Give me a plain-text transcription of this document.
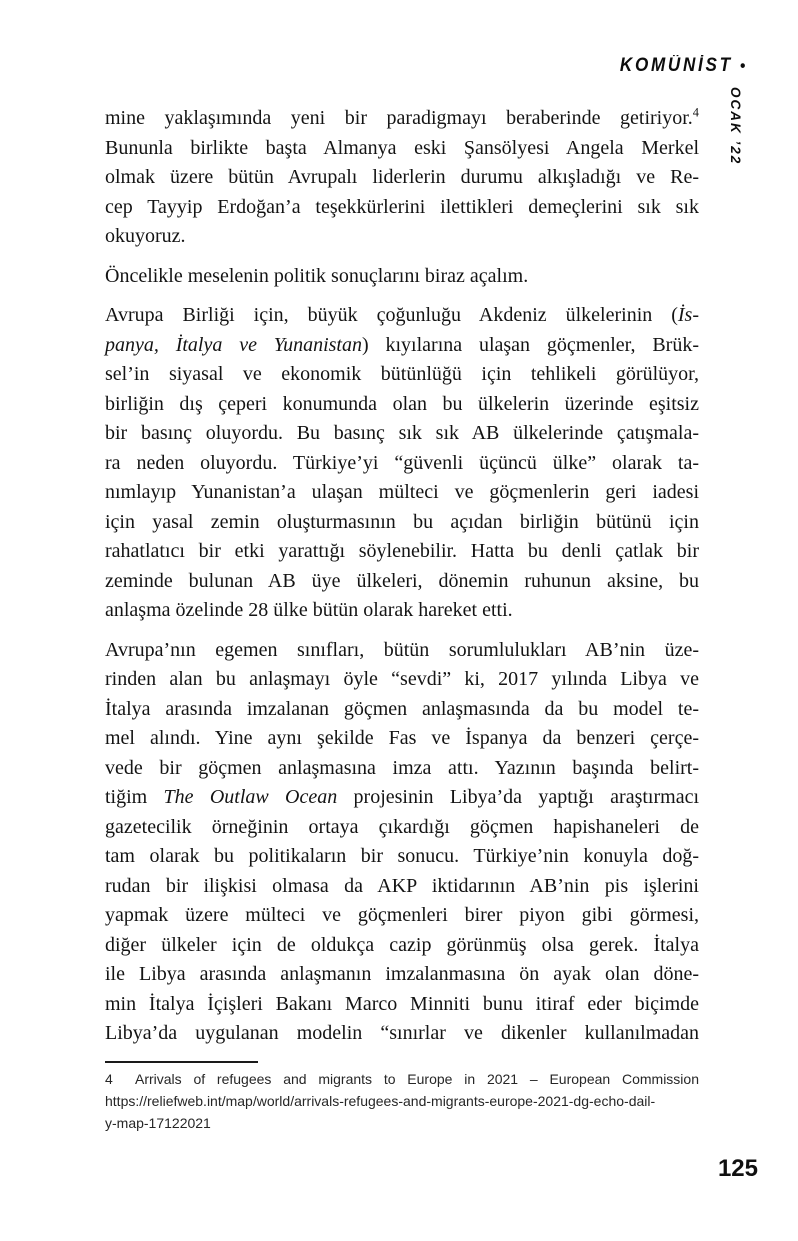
KOMÜNİST •
OCAK ’22
mine yaklaşımında yeni bir paradigmayı beraberinde getiriyor.$^4$
Bununla birlikte başta Almanya eski Şansölyesi Angela Merkel
olmak üzere bütün Avrupalı liderlerin durumu alkışladığı ve Re-
cep Tayyip Erdoğan’a teşekkürlerini ilettikleri demeçlerini sık sık
okuyoruz.
Öncelikle meselenin politik sonuçlarını biraz açalım.
Avrupa Birliği için, büyük çoğunluğu Akdeniz ülkelerinin (İs-
panya, İtalya ve Yunanistan) kıyılarına ulaşan göçmenler, Brük-
sel’in siyasal ve ekonomik bütünlüğü için tehlikeli görülüyor,
birliğin dış çeperi konumunda olan bu ülkelerin üzerinde eşitsiz
bir basınç oluyordu. Bu basınç sık sık AB ülkelerinde çatışmala-
ra neden oluyordu. Türkiye’yi “güvenli üçüncü ülke” olarak ta-
nımlayıp Yunanistan’a ulaşan mülteci ve göçmenlerin geri iadesi
için yasal zemin oluşturmasının bu açıdan birliğin bütünü için
rahatlatıcı bir etki yarattığı söylenebilir. Hatta bu denli çatlak bir
zeminde bulunan AB üye ülkeleri, dönemin ruhunun aksine, bu
anlaşma özelinde 28 ülke bütün olarak hareket etti.
Avrupa’nın egemen sınıfları, bütün sorumlulukları AB’nin üze-
rinden alan bu anlaşmayı öyle “sevdi” ki, 2017 yılında Libya ve
İtalya arasında imzalanan göçmen anlaşmasında da bu model te-
mel alındı. Yine aynı şekilde Fas ve İspanya da benzeri çerçe-
vede bir göçmen anlaşmasına imza attı. Yazının başında belirt-
tiğim The Outlaw Ocean projesinin Libya’da yaptığı araştırmacı
gazetecilik örneğinin ortaya çıkardığı göçmen hapishaneleri de
tam olarak bu politikaların bir sonucu. Türkiye’nin konuyla doğ-
rudan bir ilişkisi olmasa da AKP iktidarının AB’nin pis işlerini
yapmak üzere mülteci ve göçmenleri birer piyon gibi görmesi,
diğer ülkeler için de oldukça cazip görünmüş olsa gerek. İtalya
ile Libya arasında anlaşmanın imzalanmasına ön ayak olan döne-
min İtalya İçişleri Bakanı Marco Minniti bunu itiraf eder biçimde
Libya’da uygulanan modelin “sınırlar ve dikenler kullanılmadan
4 Arrivals of refugees and migrants to Europe in 2021 – European Commission
https://reliefweb.int/map/world/arrivals-refugees-and-migrants-europe-2021-dg-echo-dail-
y-map-17122021
125
